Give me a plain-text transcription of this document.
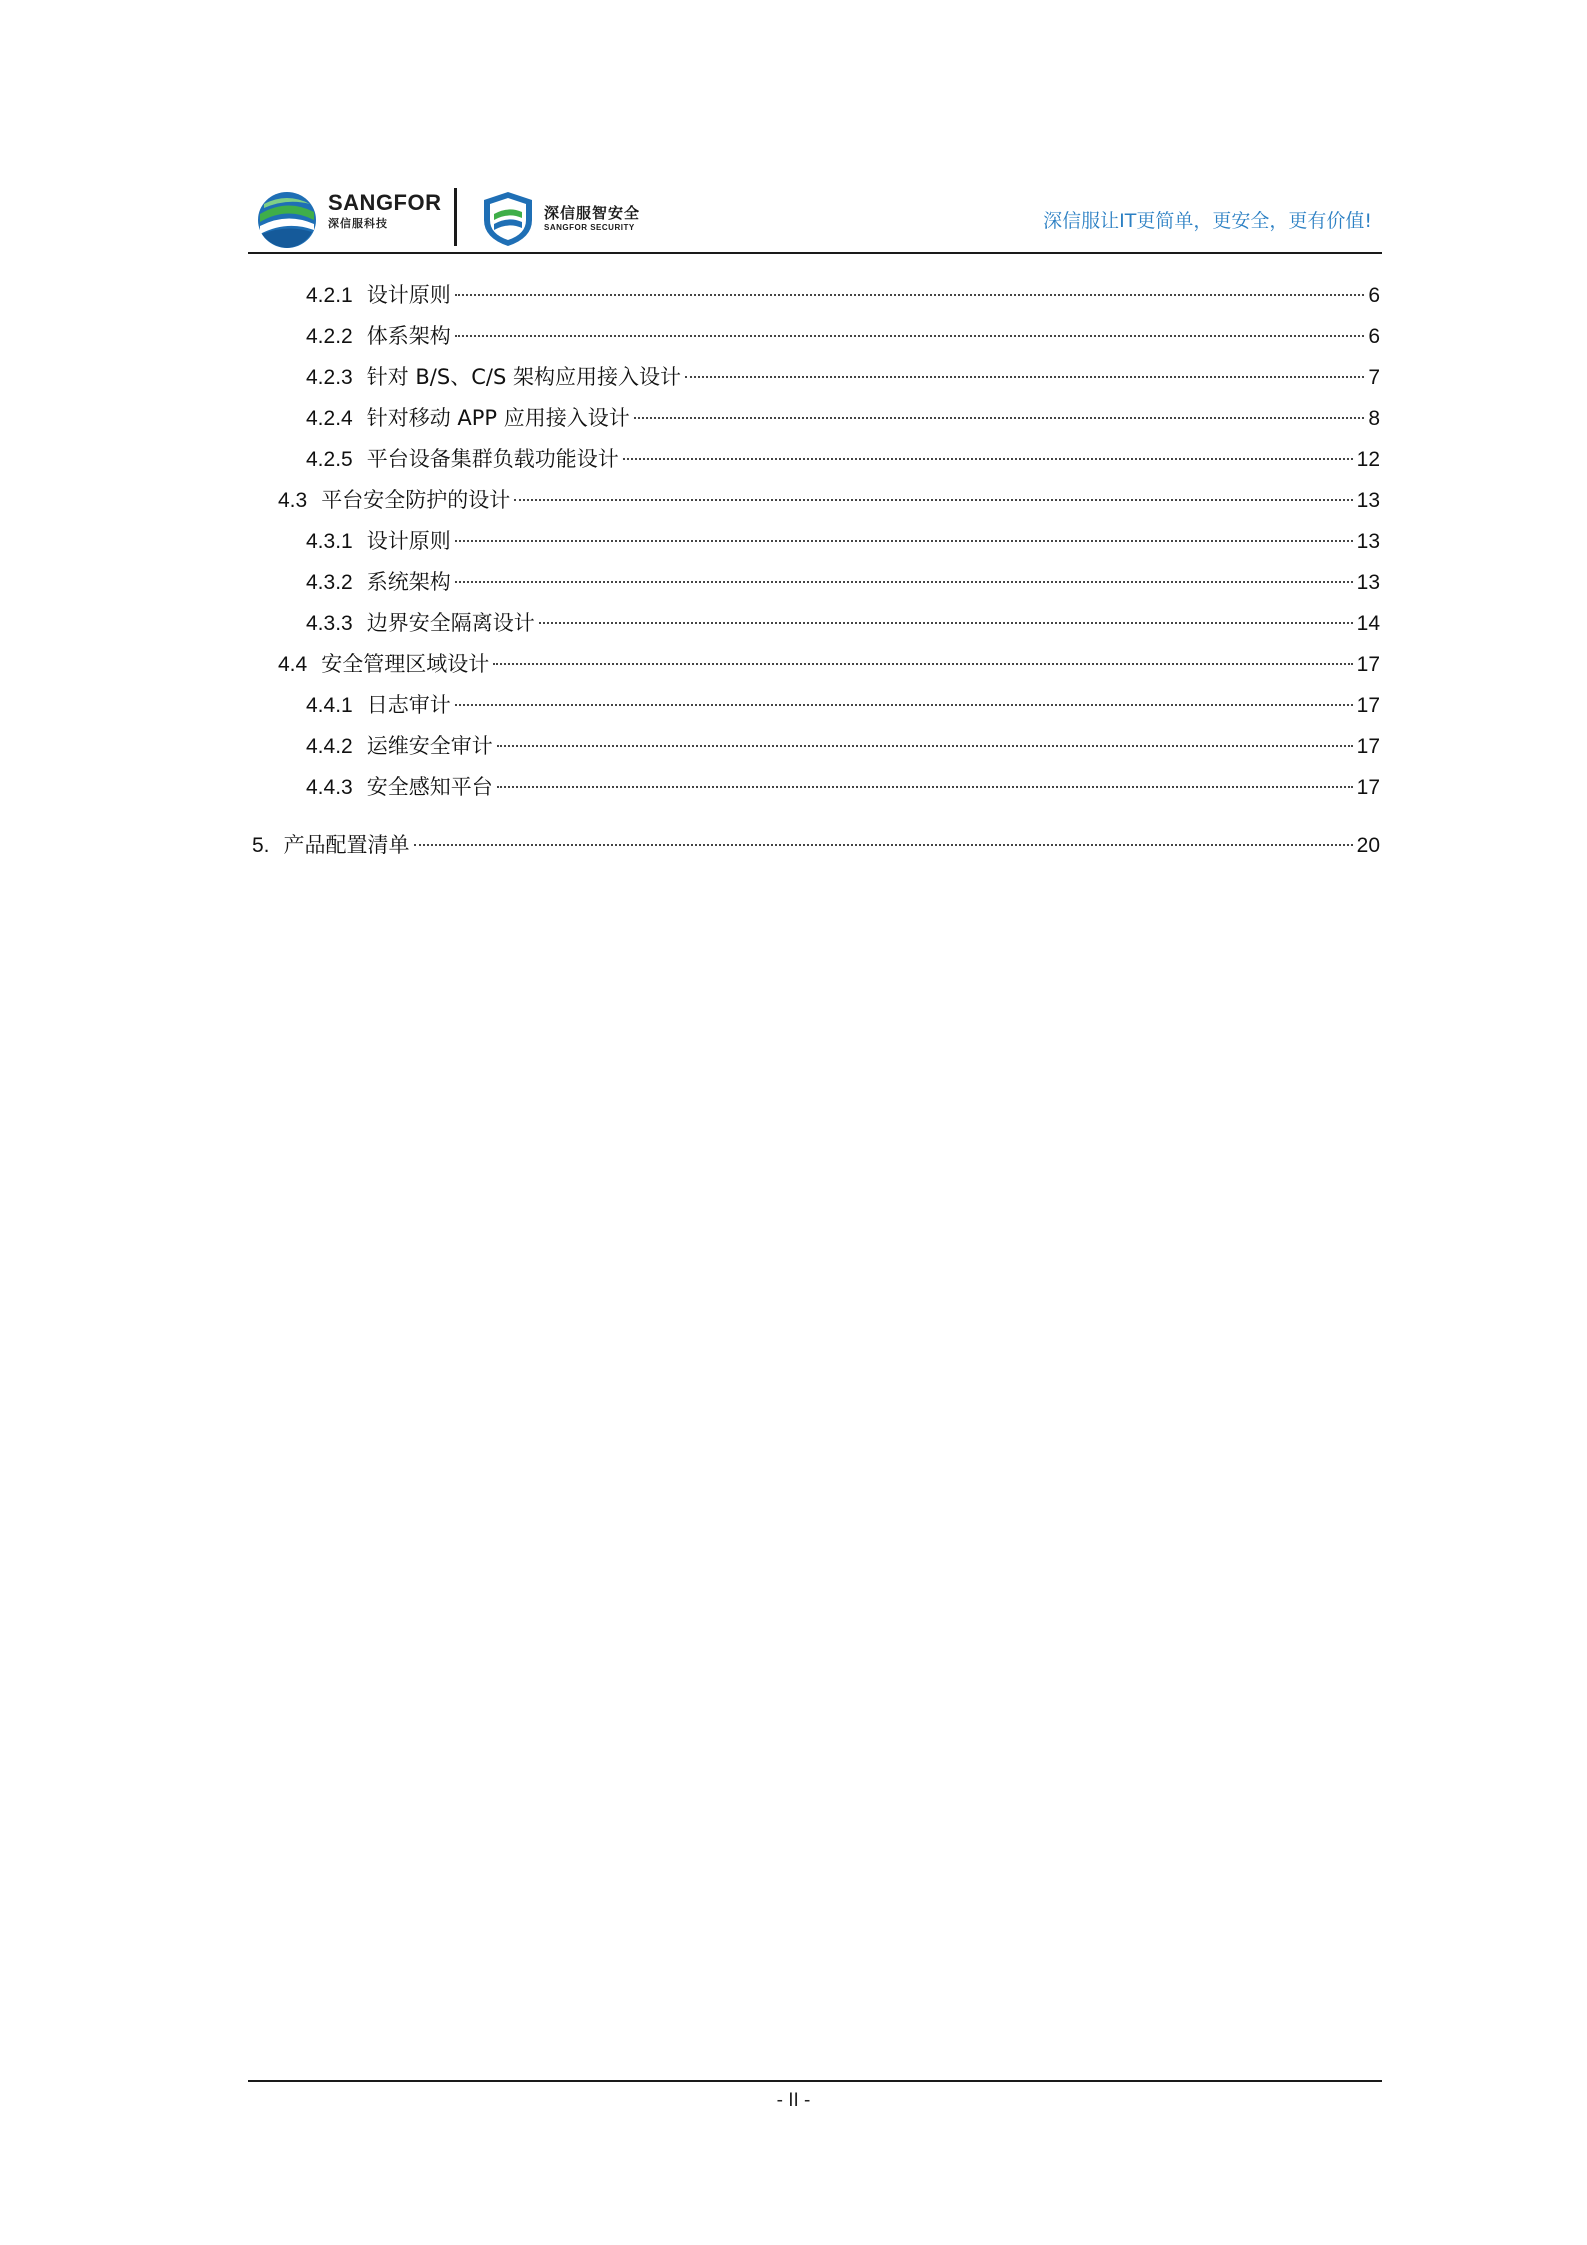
SANGFOR
深信服科技
深信服智安全
SANGFOR SECURITY	深信服让IT更简单，更安全，更有价值!
4.2.1 设计原则	6
4.2.2 体系架构	6
4.2.3 针对 B/S、C/S 架构应用接入设计	7
4.2.4 针对移动 APP 应用接入设计	8
4.2.5 平台设备集群负载功能设计	12
4.3 平台安全防护的设计	13
4.3.1 设计原则	13
4.3.2 系统架构	13
4.3.3 边界安全隔离设计	14
4.4 安全管理区域设计	17
4.4.1 日志审计	17
4.4.2 运维安全审计	17
4.4.3 安全感知平台	17
5. 产品配置清单	20
- II -
